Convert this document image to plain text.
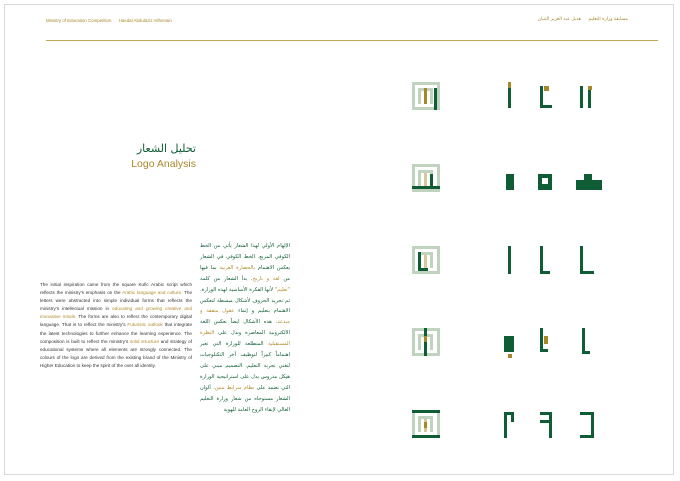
Ministry of Education Competition Haedal Abdulaziz Althenain	مسابقة وزارة التعليم هديل عبد العزيز الثنيان
تحليل الشعار
Logo Analysis
The initial inspiration came from the square Kufic Arabic script which reflects the ministry's emphasis on the Arabic language and culture. The letters were abstracted into simple individual forms that reflects the ministry's intellectual mission in educating and growing creative and innovative minds. The forms are also to reflect the contemporary digital language. That is to reflect the ministry's Futuristic outlook that integrate the latest technologies to further enhance the learning experience. The composition is built to reflect the ministry's solid structure and strategy of educational systems where all elements are strongly connected. The colours of the logo are derived from the existing brand of the Ministry of Higher Education to keep the spirit of the over all identity.
الإلهام الأولي لهذا الشعار يأتي من الخط الكوفي المربع. الخط الكوفي في الشعار يعكس الاهتمام بالحضارة العربية بما فيها من لغة و تاريخ. بدأ الشعار من كلمة "تعليم" لأنها الفكرة الأساسية لهذه الوزارة. ثم تجريد الحروف لأشكال مبسطة لتعكس الاهتمام بتعليم و إنماء عقول مثقفة و مبدعة. هذه الأشكال ايضاً تعكس اللغة الالكترونية المعاصرة وتدل على النظرة المستقبلية المتطلعة للوزارة التي تعير اهتماماً كبيراً لتوظيف آخر التكنلوجيات لتغني تجربة التعليم. التصميم مبني على هيكل مدروس يدل على استراتيجية الوزارة التي تعتمد على نظام مترابط متين. ألوان الشعار مستوحاه من شعار وزارة التعليم العالي لإبقاء الروح العامة للهوية
